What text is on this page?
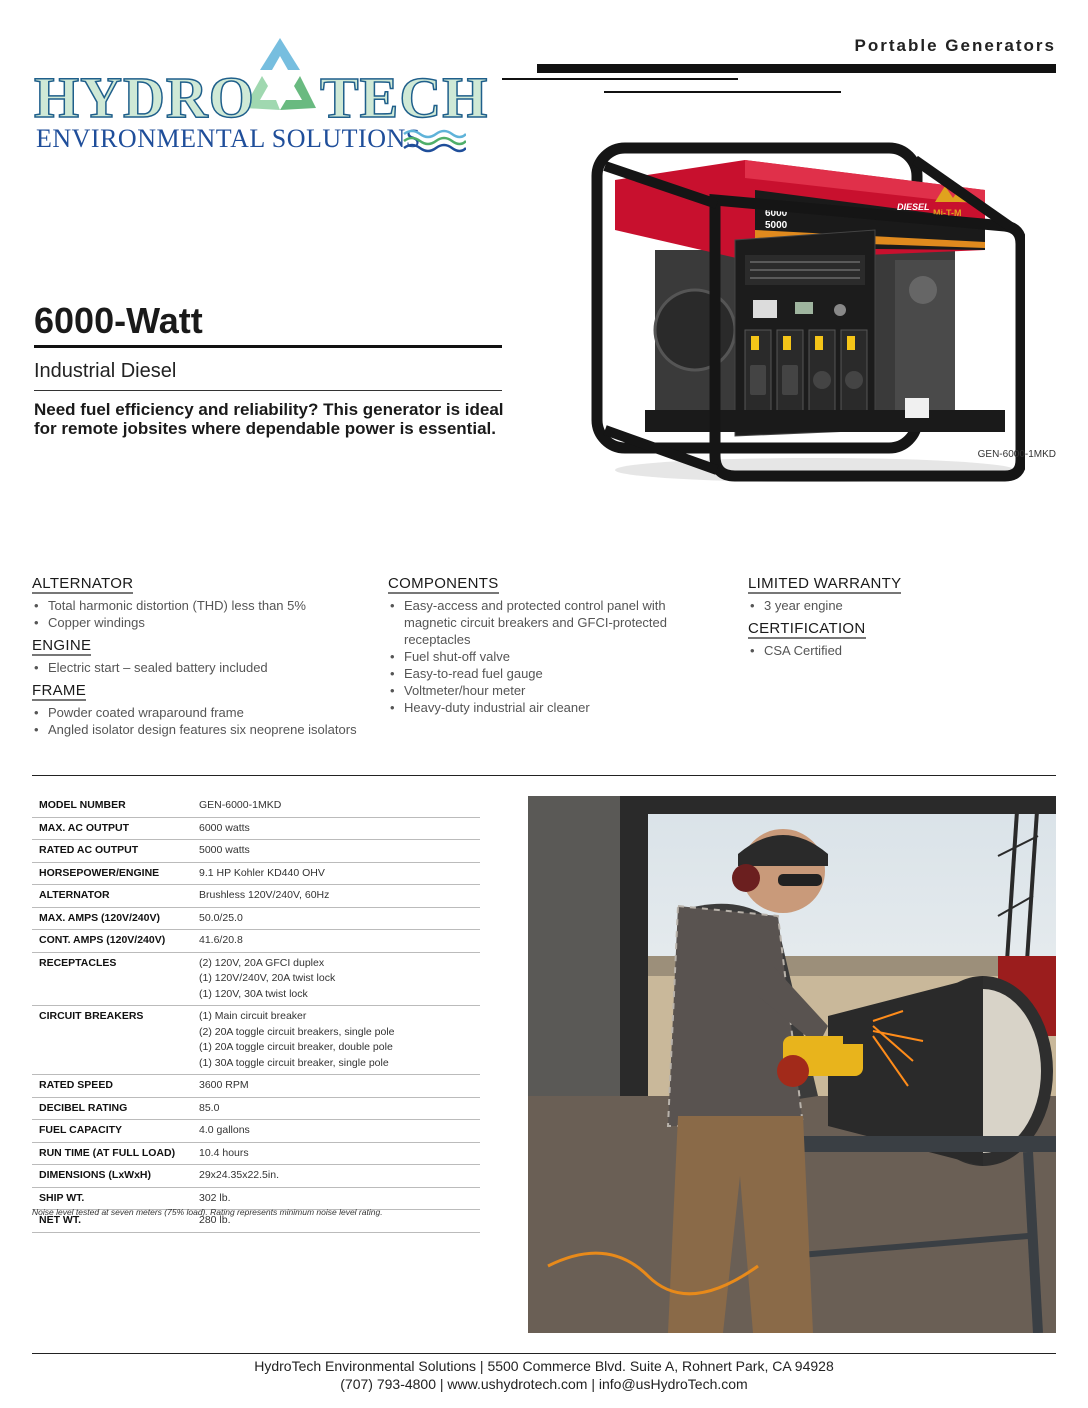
HYDRO TECH
ENVIRONMENTAL SOLUTIONS
Portable Generators
6000-Watt
Industrial Diesel
Need fuel efficiency and reliability? This generator is ideal for remote jobsites where dependable power is essential.
6000
5000
DIESEL
Mi-T-M
GEN-6000-1MKD
ALTERNATOR
• Total harmonic distortion (THD) less than 5%
• Copper windings
ENGINE
• Electric start – sealed battery included
FRAME
• Powder coated wraparound frame
• Angled isolator design features six neoprene isolators
COMPONENTS
• Easy-access and protected control panel with magnetic circuit breakers and GFCI-protected receptacles
• Fuel shut-off valve
• Easy-to-read fuel gauge
• Voltmeter/hour meter
• Heavy-duty industrial air cleaner
LIMITED WARRANTY
• 3 year engine
CERTIFICATION
• CSA Certified
MODEL NUMBER	GEN-6000-1MKD

MAX. AC OUTPUT	6000 watts

RATED AC OUTPUT	5000 watts

HORSEPOWER/ENGINE	9.1 HP Kohler KD440 OHV

ALTERNATOR	Brushless 120V/240V, 60Hz

MAX. AMPS (120V/240V)	50.0/25.0

CONT. AMPS (120V/240V)	41.6/20.8

RECEPTACLES	(2) 120V, 20A GFCI duplex
(1) 120V/240V, 20A twist lock
(1) 120V, 30A twist lock

CIRCUIT BREAKERS	(1) Main circuit breaker
(2) 20A toggle circuit breakers, single pole
(1) 20A toggle circuit breaker, double pole
(1) 30A toggle circuit breaker, single pole

RATED SPEED	3600 RPM

DECIBEL RATING	85.0

FUEL CAPACITY	4.0 gallons

RUN TIME (AT FULL LOAD)	10.4 hours

DIMENSIONS (LxWxH)	29x24.35x22.5in.

SHIP WT.	302 lb.

NET WT.	280 lb.
Noise level tested at seven meters (75% load). Rating represents minimum noise level rating.
HydroTech Environmental Solutions | 5500 Commerce Blvd. Suite A, Rohnert Park, CA 94928
(707) 793-4800 | www.ushydrotech.com | info@usHydroTech.com
